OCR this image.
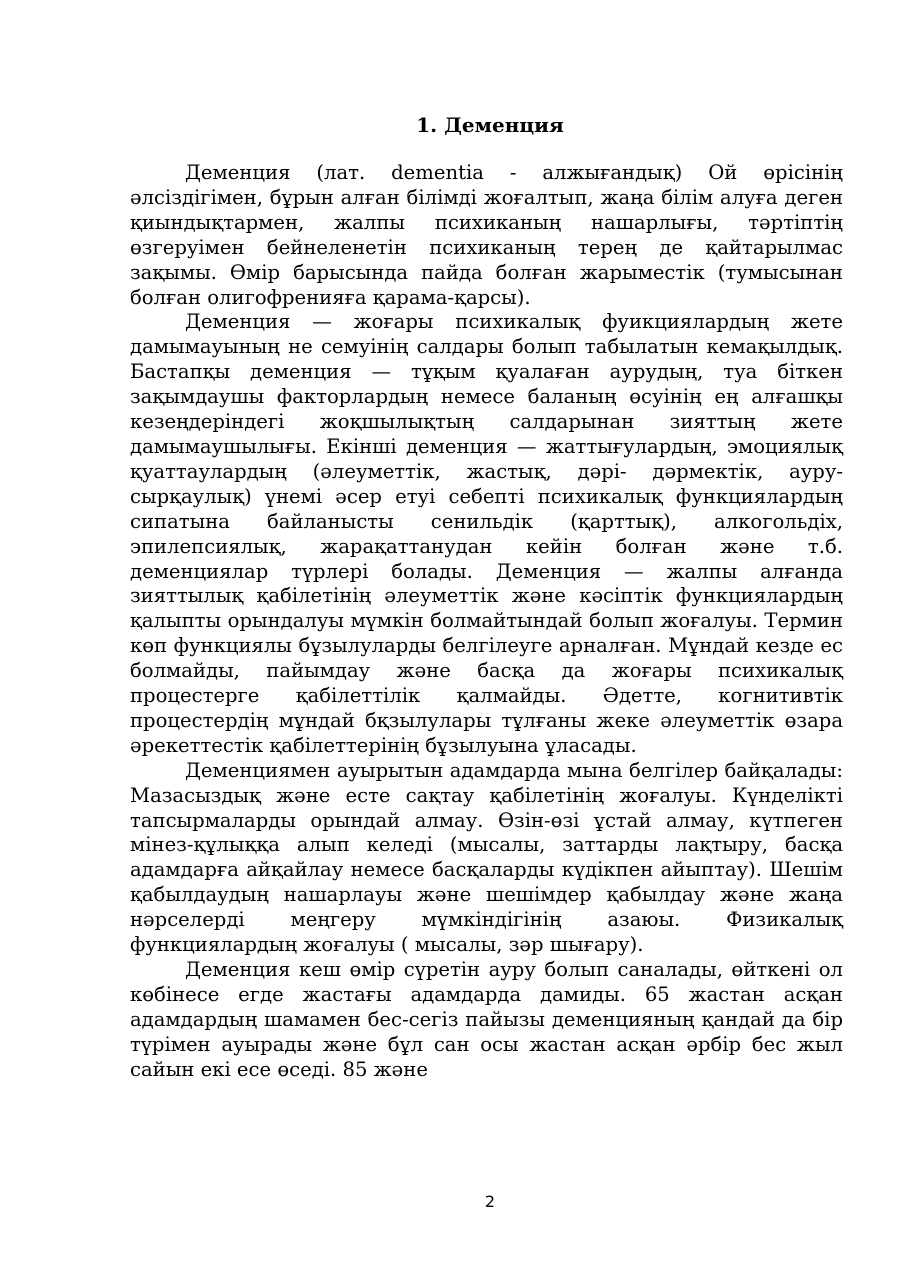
1. Деменция

Деменция (лат. dementia - алжығандық) Ой өрісінің әлсіздігімен, бұрын алған білімді жоғалтып, жаңа білім алуға деген қиындықтармен, жалпы психиканың нашарлығы, тәртіптің өзгеруімен бейнеленетін психиканың терең де қайтарылмас зақымы. Өмір барысында пайда болған жарыместік (тумысынан болған олигофренияға қарама-қарсы).

Деменция — жоғары психикалық фуикциялардың жете дамымауының не семуінің салдары болып табылатын кемақылдық. Бастапқы деменция — тұқым қуалаған аурудың, туа біткен зақымдаушы факторлардың немесе баланың өсуінің ең алғашқы кезеңдеріндегі жоқшылықтың салдарынан зияттың жете дамымаушылығы. Екінші деменция — жаттығулардың, эмоциялық қуаттаулардың (әлеуметтік, жастық, дәрі- дәрмектік, ауру-сырқаулық) үнемі әсер етуі себепті психикалық функциялардың сипатына байланысты сенильдік (қарттық), алкогольдіх, эпилепсиялық, жарақаттанудан кейін болған және т.б. деменциялар түрлері болады. Деменция — жалпы алғанда зияттылық қабілетінің әлеуметтік және кәсіптік функциялардың қалыпты орындалуы мүмкін болмайтындай болып жоғалуы. Термин көп функциялы бұзылуларды белгілеуге арналған. Мұндай кезде ес болмайды, пайымдау және басқа да жоғары психикалық процестерге қабілеттілік қалмайды. Әдетте, когнитивтік процестердің мұндай бқзылулары тұлғаны жеке әлеуметтік өзара әрекеттестік қабілеттерінің бұзылуына ұласады.

Деменциямен ауырытын адамдарда мына белгілер байқалады: Мазасыздық және есте сақтау қабілетінің жоғалуы. Күнделікті тапсырмаларды орындай алмау. Өзін-өзі ұстай алмау, күтпеген мінез-құлыққа алып келеді (мысалы, заттарды лақтыру, басқа адамдарға айқайлау немесе басқаларды күдікпен айыптау). Шешім қабылдаудың нашарлауы және шешімдер қабылдау және жаңа нәрселерді меңгеру мүмкіндігінің азаюы. Физикалық функциялардың жоғалуы ( мысалы, зәр шығару).

Деменция кеш өмір сүретін ауру болып саналады, өйткені ол көбінесе егде жастағы адамдарда дамиды. 65 жастан асқан адамдардың шамамен бес-сегіз пайызы деменцияның қандай да бір түрімен ауырады және бұл сан осы жастан асқан әрбір бес жыл сайын екі есе өседі. 85 және

2
